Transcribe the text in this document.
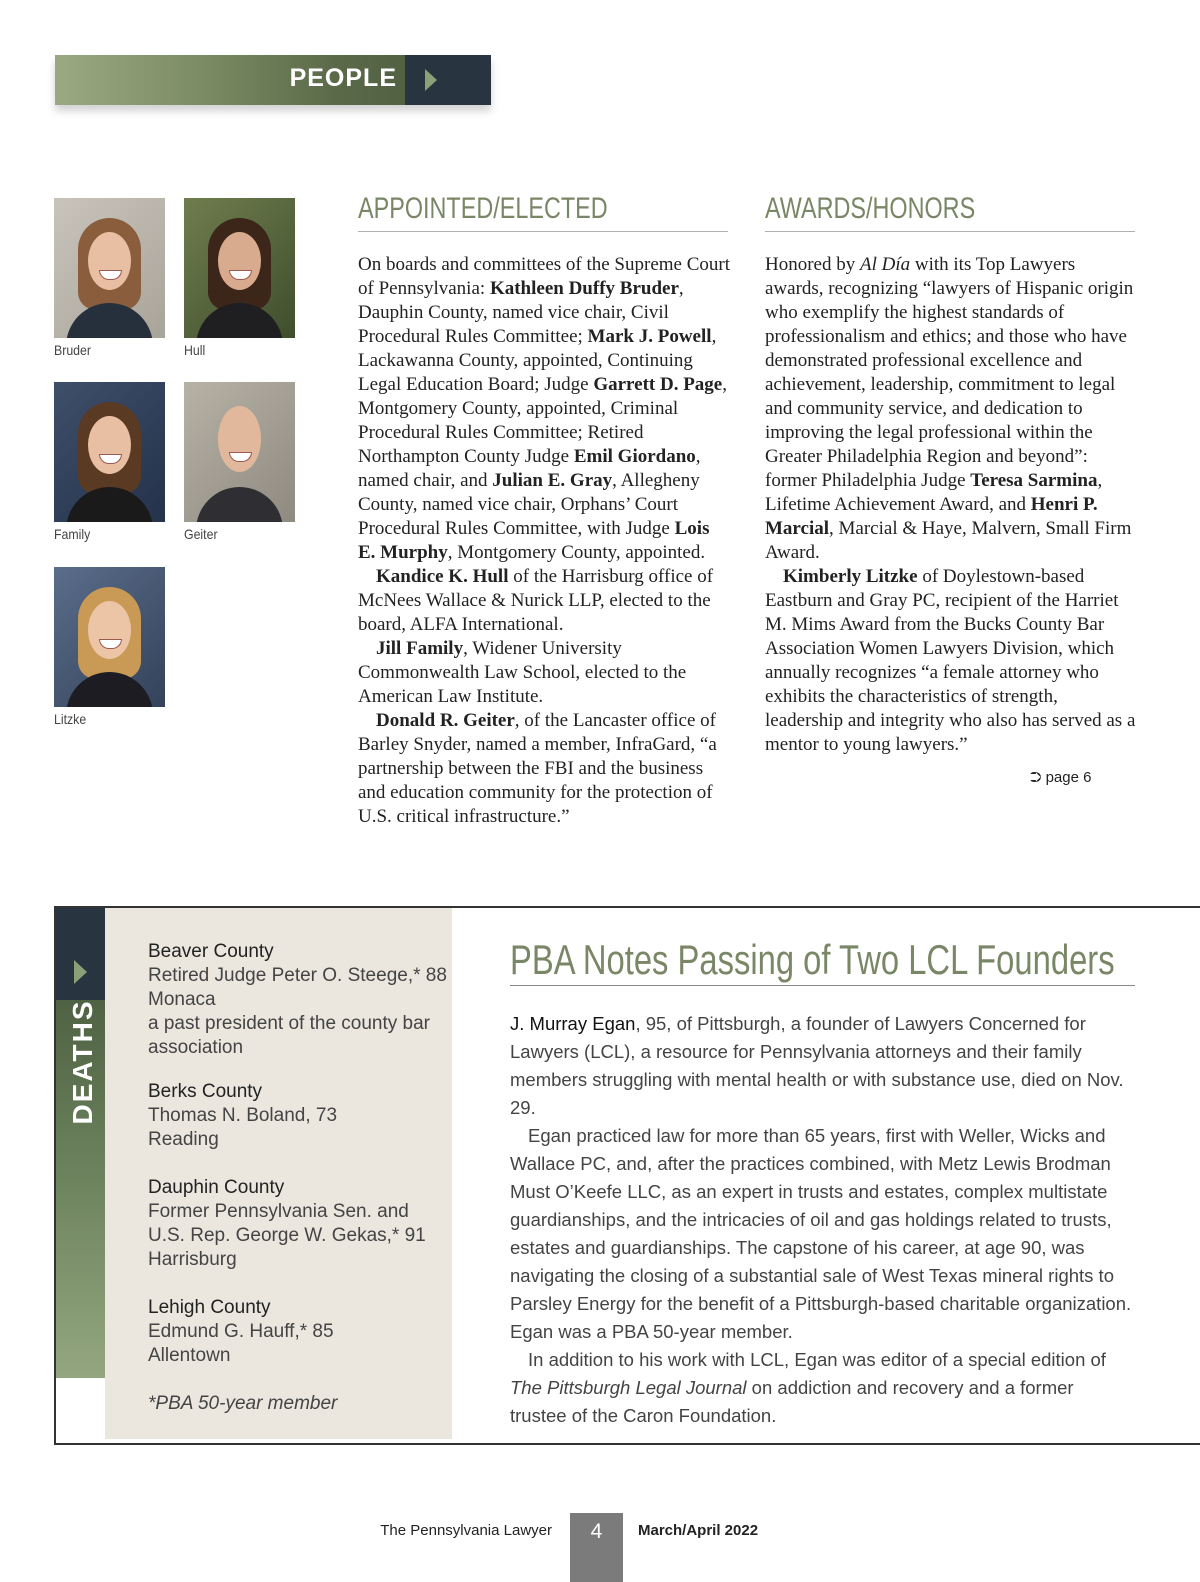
PEOPLE
Bruder	Hull
Family	Geiter
Litzke
APPOINTED/ELECTED

On boards and committees of the Supreme Court of Pennsylvania: Kathleen Duffy Bruder, Dauphin County, named vice chair, Civil Procedural Rules Committee; Mark J. Powell, Lackawanna County, appointed, Continuing Legal Education Board; Judge Garrett D. Page, Montgomery County, appointed, Criminal Procedural Rules Committee; Retired Northampton County Judge Emil Giordano, named chair, and Julian E. Gray, Allegheny County, named vice chair, Orphans’ Court Procedural Rules Committee, with Judge Lois E. Murphy, Montgomery County, appointed.

Kandice K. Hull of the Harrisburg office of McNees Wallace & Nurick LLP, elected to the board, ALFA International.

Jill Family, Widener University Commonwealth Law School, elected to the American Law Institute.

Donald R. Geiter, of the Lancaster office of Barley Snyder, named a member, InfraGard, “a partnership between the FBI and the business and education community for the protection of U.S. critical infrastructure.”

AWARDS/HONORS

Honored by Al Día with its Top Lawyers awards, recognizing “lawyers of Hispanic origin who exemplify the highest standards of professionalism and ethics; and those who have demonstrated professional excellence and achievement, leadership, commitment to legal and community service, and dedication to improving the legal professional within the Greater Philadelphia Region and beyond”: former Philadelphia Judge Teresa Sarmina, Lifetime Achievement Award, and Henri P. Marcial, Marcial & Haye, Malvern, Small Firm Award.

Kimberly Litzke of Doylestown-based Eastburn and Gray PC, recipient of the Harriet M. Mims Award from the Bucks County Bar Association Women Lawyers Division, which annually recognizes “a female attorney who exhibits the characteristics of strength, leadership and integrity who also has served as a mentor to young lawyers.”

⮊ page 6
DEATHS
Beaver County
Retired Judge Peter O. Steege,* 88
Monaca
a past president of the county bar
association
Berks County
Thomas N. Boland, 73
Reading
Dauphin County
Former Pennsylvania Sen. and
U.S. Rep. George W. Gekas,* 91
Harrisburg
Lehigh County
Edmund G. Hauff,* 85
Allentown
*PBA 50-year member
PBA Notes Passing of Two LCL Founders

J. Murray Egan, 95, of Pittsburgh, a founder of Lawyers Concerned for Lawyers (LCL), a resource for Pennsylvania attorneys and their family members struggling with mental health or with substance use, died on Nov. 29.

Egan practiced law for more than 65 years, first with Weller, Wicks and Wallace PC, and, after the practices combined, with Metz Lewis Brodman Must O’Keefe LLC, as an expert in trusts and estates, complex multistate guardianships, and the intricacies of oil and gas holdings related to trusts, estates and guardianships. The capstone of his career, at age 90, was navigating the closing of a substantial sale of West Texas mineral rights to Parsley Energy for the benefit of a Pittsburgh-based charitable organization. Egan was a PBA 50-year member.

In addition to his work with LCL, Egan was editor of a special edition of The Pittsburgh Legal Journal on addiction and recovery and a former trustee of the Caron Foundation.

The Pennsylvania Lawyer	4	March/April 2022
